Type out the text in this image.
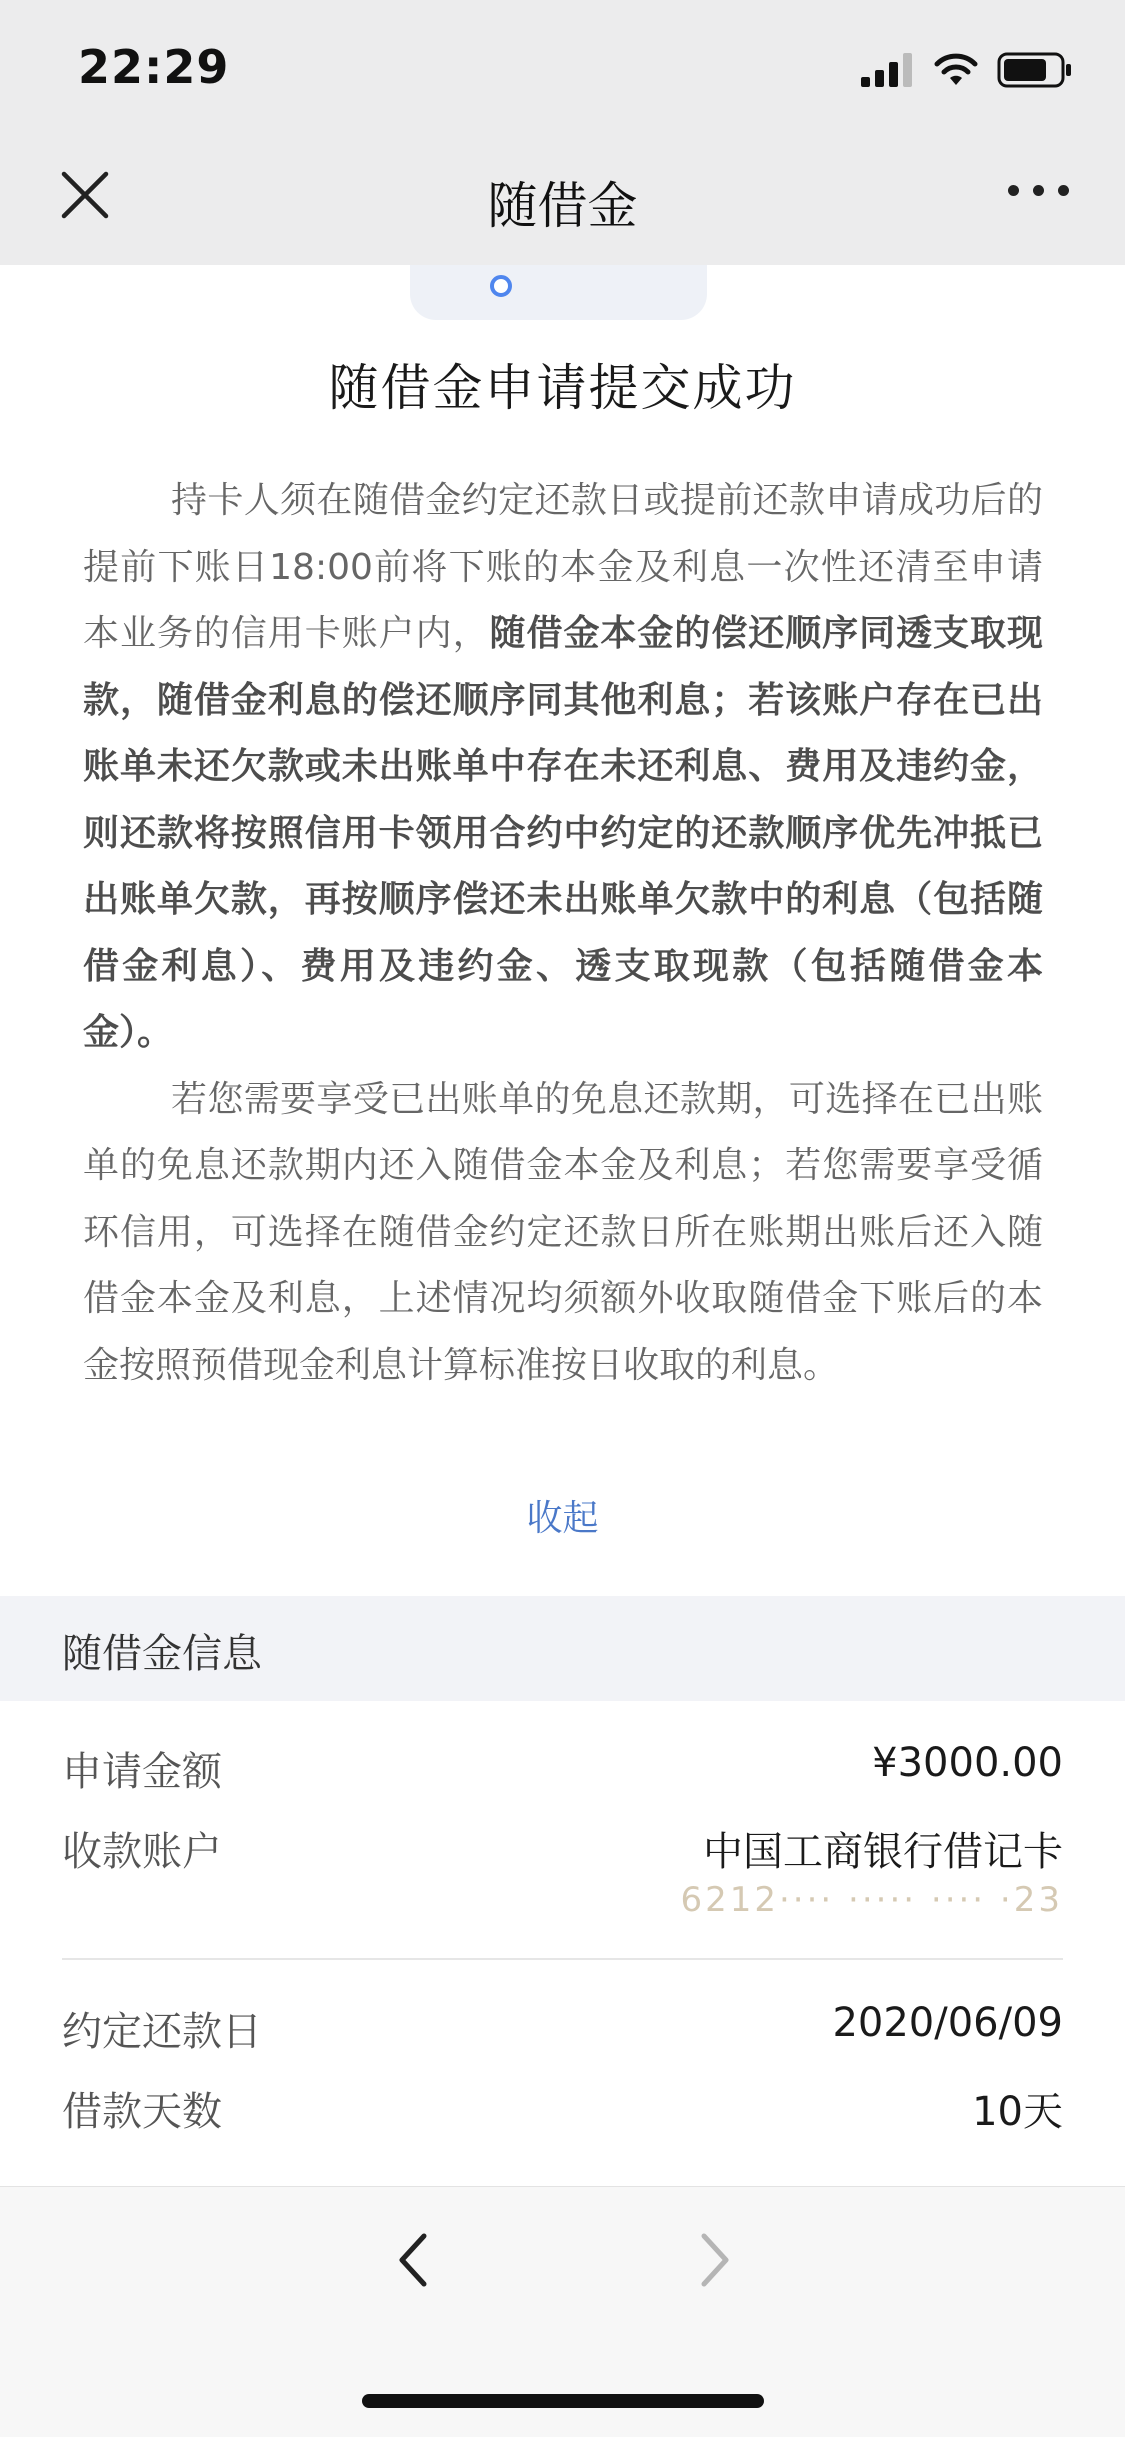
22:29
随借金
随借金申请提交成功

持卡人须在随借金约定还款日或提前还款申请成功后的提前下账日18:00前将下账的本金及利息一次性还清至申请本业务的信用卡账户内，随借金本金的偿还顺序同透支取现款，随借金利息的偿还顺序同其他利息；若该账户存在已出账单未还欠款或未出账单中存在未还利息、费用及违约金，则还款将按照信用卡领用合约中约定的还款顺序优先冲抵已出账单欠款，再按顺序偿还未出账单欠款中的利息（包括随借金利息）、费用及违约金、透支取现款（包括随借金本金）。

若您需要享受已出账单的免息还款期，可选择在已出账单的免息还款期内还入随借金本金及利息；若您需要享受循环信用，可选择在随借金约定还款日所在账期出账后还入随借金本金及利息，上述情况均须额外收取随借金下账后的本金按照预借现金利息计算标准按日收取的利息。

收起
随借金信息
申请金额	¥3000.00
收款账户	中国工商银行借记卡
6212···· ····· ···· ·23
约定还款日	2020/06/09
借款天数	10天
